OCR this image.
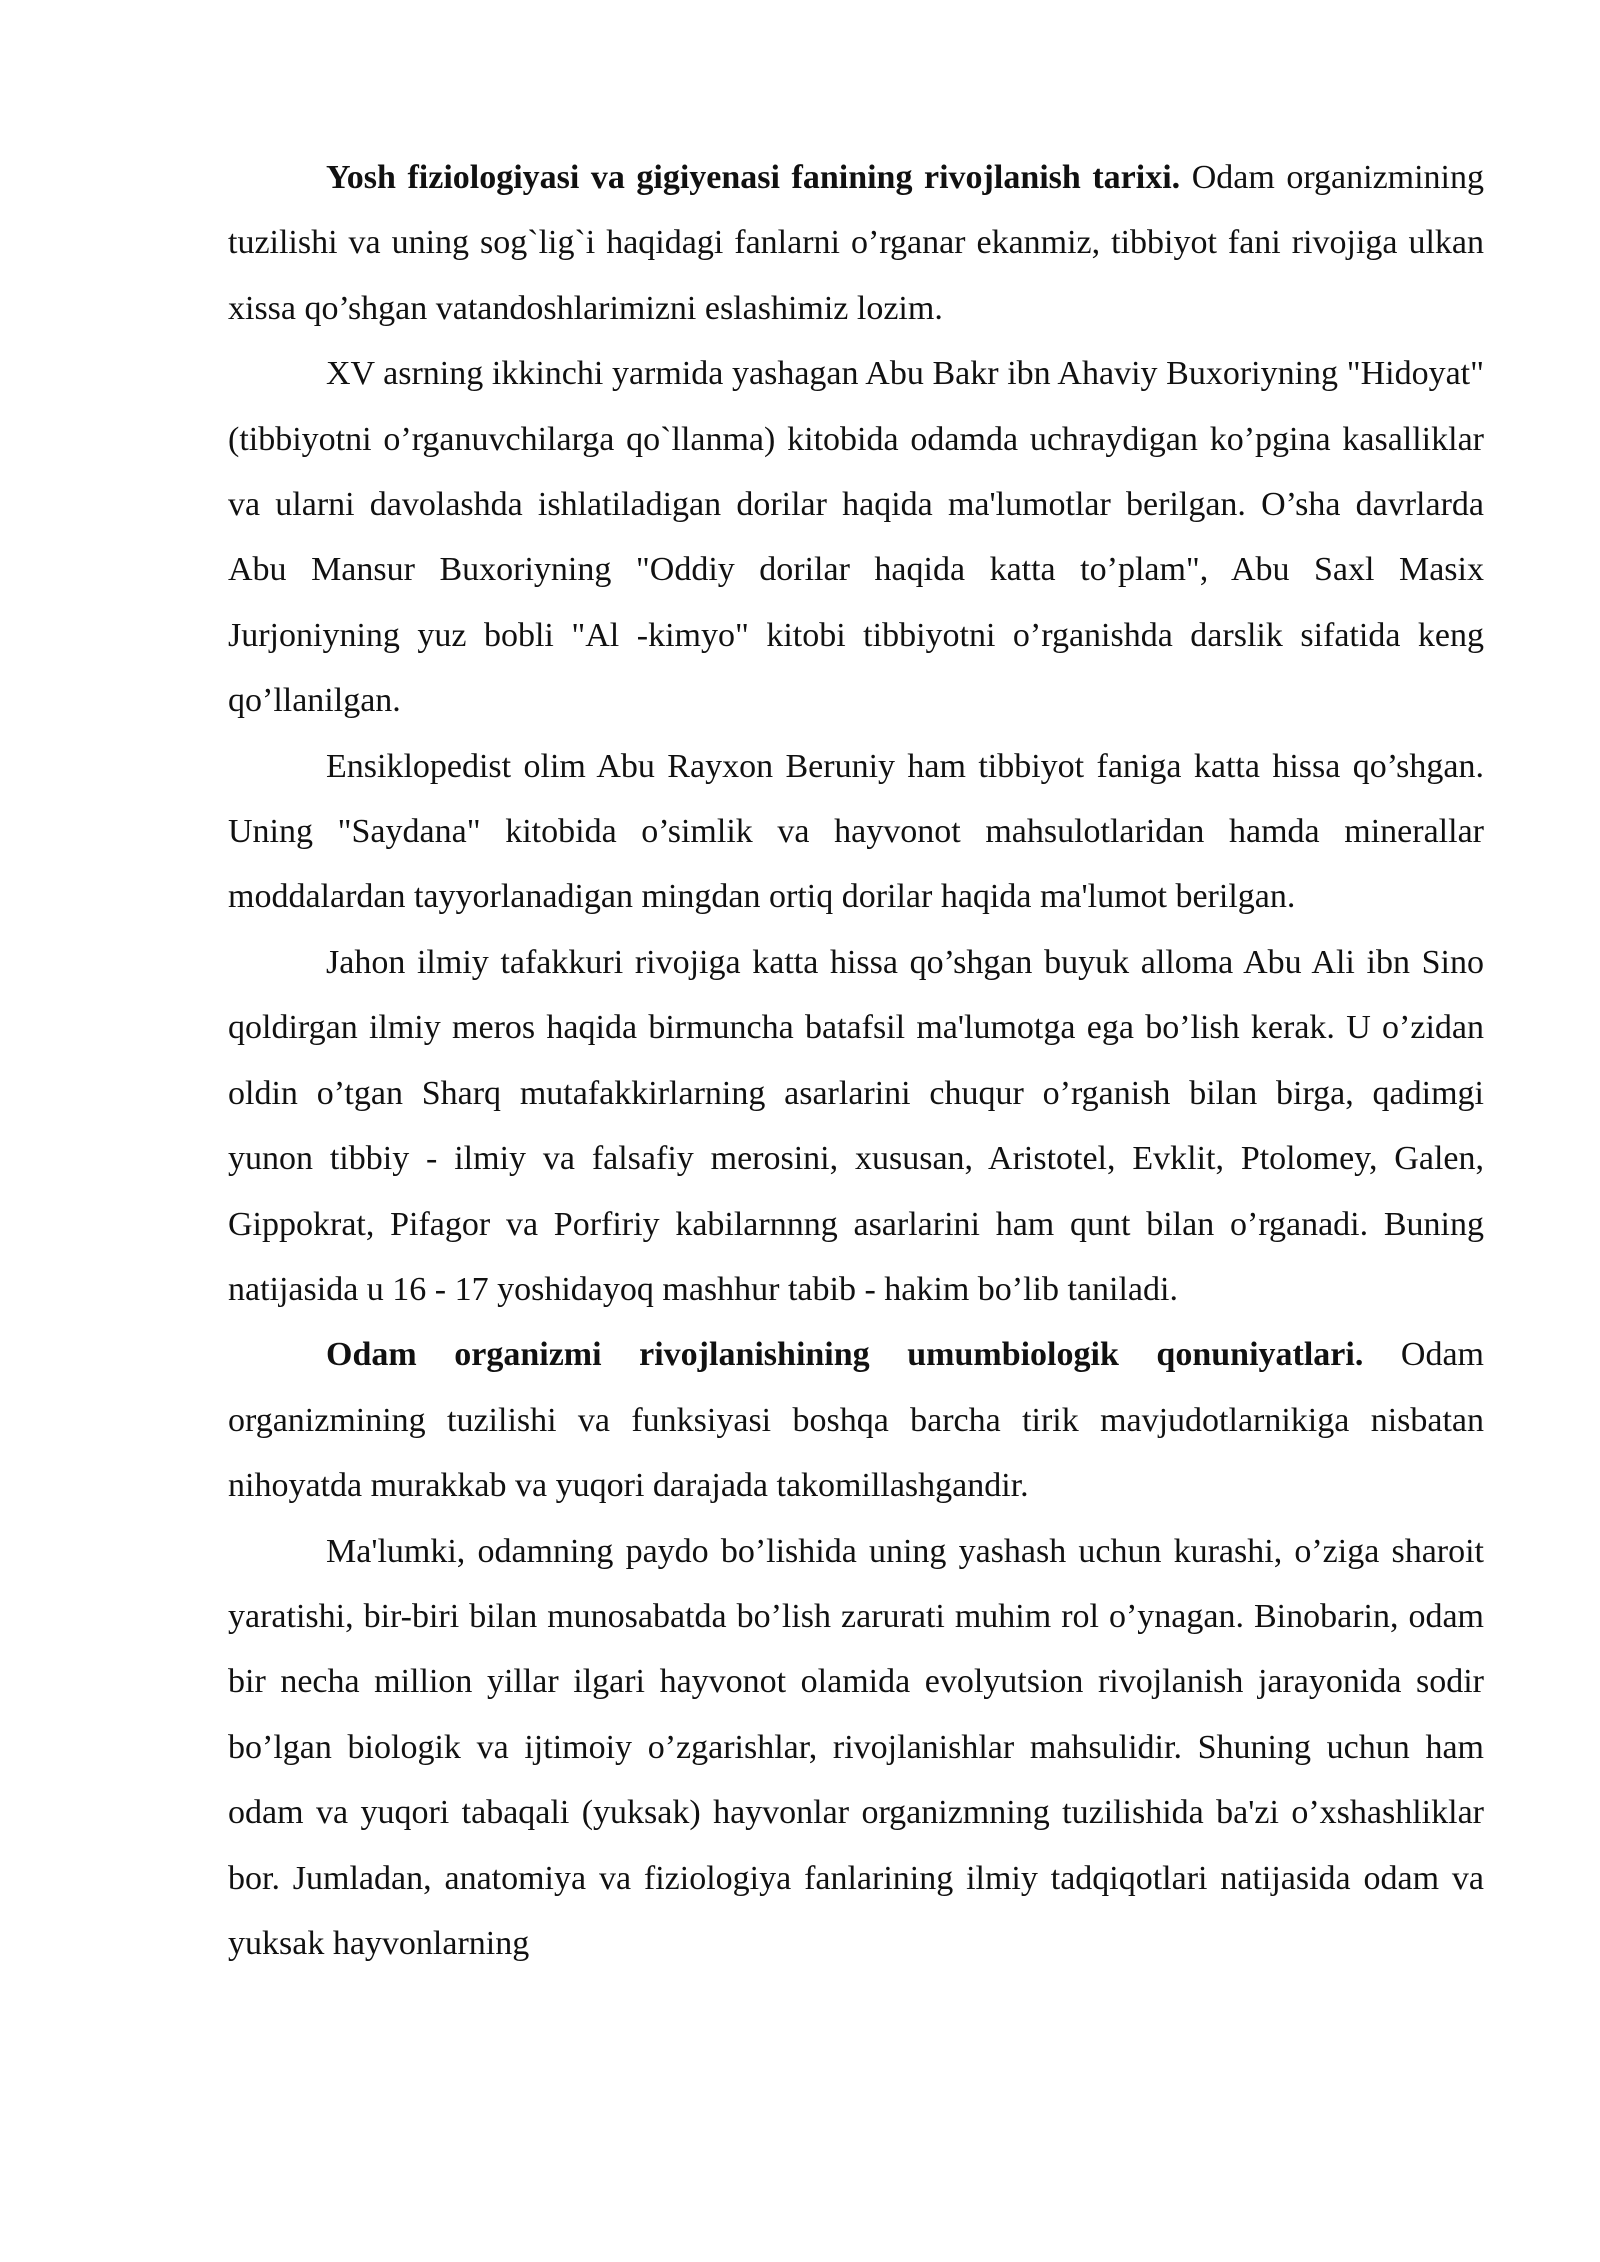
Yosh fiziologiyasi va gigiyenasi fanining rivojlanish tarixi. Odam organizmining tuzilishi va uning sog`lig`i haqidagi fanlarni o’rganar ekanmiz, tibbiyot fani rivojiga ulkan xissa qo’shgan vatandoshlarimizni eslashimiz lozim.

XV asrning ikkinchi yarmida yashagan Abu Bakr ibn Ahaviy Buxoriyning "Hidoyat" (tibbiyotni o’rganuvchilarga qo`llanma) kitobida odamda uchraydigan ko’pgina kasalliklar va ularni davolashda ishlatiladigan dorilar haqida ma'lumotlar berilgan. O’sha davrlarda Abu Mansur Buxoriyning "Oddiy dorilar haqida katta to’plam", Abu Saxl Masix Jurjoniyning yuz bobli "Al -kimyo" kitobi tibbiyotni o’rganishda darslik sifatida keng qo’llanilgan.

Ensiklopedist olim Abu Rayxon Beruniy ham tibbiyot faniga katta hissa qo’shgan. Uning "Saydana" kitobida o’simlik va hayvonot mahsulotlaridan hamda minerallar moddalardan tayyorlanadigan mingdan ortiq dorilar haqida ma'lumot berilgan.

Jahon ilmiy tafakkuri rivojiga katta hissa qo’shgan buyuk alloma Abu Ali ibn Sino qoldirgan ilmiy meros haqida birmuncha batafsil ma'lumotga ega bo’lish kerak. U o’zidan oldin o’tgan Sharq mutafakkirlarning asarlarini chuqur o’rganish bilan birga, qadimgi yunon tibbiy - ilmiy va falsafiy merosini, xususan, Aristotel, Evklit, Ptolomey, Galen, Gippokrat, Pifagor va Porfiriy kabilarnnng asarlarini ham qunt bilan o’rganadi. Buning natijasida u 16 - 17 yoshidayoq mashhur tabib - hakim bo’lib taniladi.

Odam organizmi rivojlanishining umumbiologik qonuniyatlari. Odam organizmining tuzilishi va funksiyasi boshqa barcha tirik mavjudotlarnikiga nisbatan nihoyatda murakkab va yuqori darajada takomillashgandir.

Ma'lumki, odamning paydo bo’lishida uning yashash uchun kurashi, o’ziga sharoit yaratishi, bir-biri bilan munosabatda bo’lish zarurati muhim rol o’ynagan. Binobarin, odam bir necha million yillar ilgari hayvonot olamida evolyutsion rivojlanish jarayonida sodir bo’lgan biologik va ijtimoiy o’zgarishlar, rivojlanishlar mahsulidir. Shuning uchun ham odam va yuqori tabaqali (yuksak) hayvonlar organizmning tuzilishida ba'zi o’xshashliklar bor. Jumladan, anatomiya va fiziologiya fanlarining ilmiy tadqiqotlari natijasida odam va yuksak hayvonlarning
